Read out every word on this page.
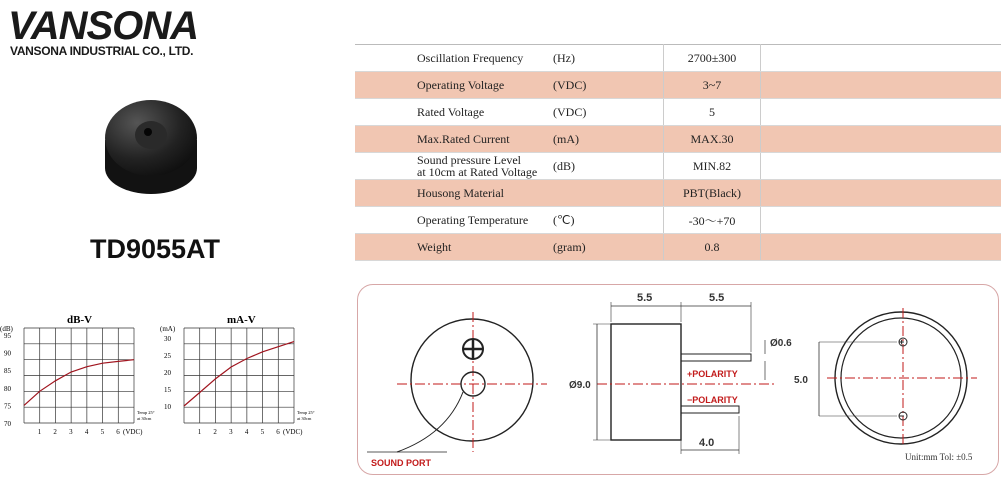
VANSONA
VANSONA INDUSTRIAL CO., LTD.
TD9055AT
	Oscillation Frequency	(Hz)	2700±300	
	Operating Voltage	(VDC)	3~7	
	Rated Voltage	(VDC)	5	
	Max.Rated Current	(mA)	MAX.30	
	Sound pressure Level
at 10cm at Rated Voltage	(dB)	MIN.82	
	Housong Material		PBT(Black)	
	Operating Temperature	(℃)	-30～+70	
	Weight	(gram)	0.8	
dB-V
(dB)
1 2 3 4 5 6
70
75
80
85
90
95
(VDC)
Temp 25°
at 30cm
mA-V
(mA)
1 2 3 4 5 6
10
15
20
25
30
(VDC)
Temp 25°
at 30cm
SOUND PORT
5.5	5.5
Ø9.0
Ø0.6
+POLARITY
−POLARITY
4.0
+
−
5.0
Unit:mm Tol: ±0.5
